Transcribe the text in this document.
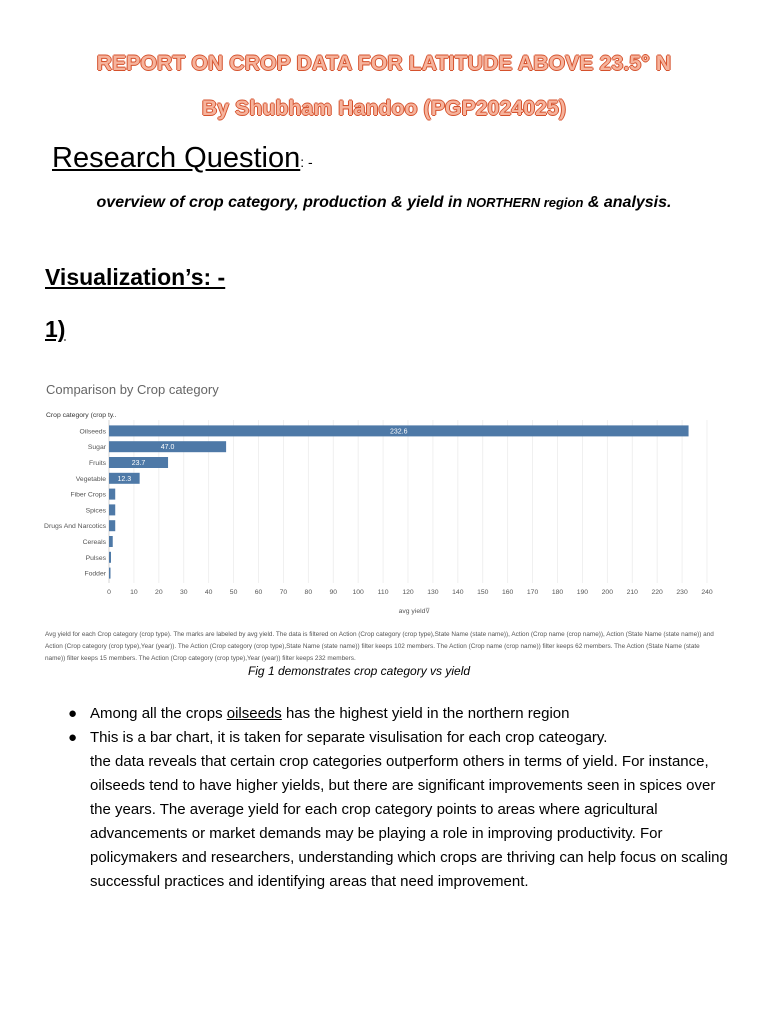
REPORT ON CROP DATA FOR LATITUDE ABOVE 23.5° N
By Shubham Handoo (PGP2024025)
Research Question: -
overview of crop category, production & yield in NORTHERN region & analysis.
Visualization’s: -
1)
Comparison by Crop category
Crop category (crop ty..
232.6
47.0
23.7
12.3
Oilseeds
Sugar
Fruits
Vegetable
Fiber Crops
Spices
Drugs And Narcotics
Cereals
Pulses
Fodder
0	10	20	30	40	50	60	70	80	90 100 110 120 130 140 150 160 170 180 190 200 210 220 230 240
avg yield ⊽
Avg yield for each Crop category (crop type). The marks are labeled by avg yield. The data is filtered on Action (Crop category (crop type),State Name (state name)), Action (Crop name (crop name)), Action (State Name (state name)) and Action (Crop category (crop type),Year (year)). The Action (Crop category (crop type),State Name (state name)) filter keeps 102 members. The Action (Crop name (crop name)) filter keeps 62 members. The Action (State Name (state name)) filter keeps 15 members. The Action (Crop category (crop type),Year (year)) filter keeps 232 members.
Fig 1 demonstrates crop category vs yield
● Among all the crops oilseeds has the highest yield in the northern region
● This is a bar chart, it is taken for separate visulisation for each crop cateogary.
the data reveals that certain crop categories outperform others in terms of yield. For instance, oilseeds tend to have higher yields, but there are significant improvements seen in spices over the years. The average yield for each crop category points to areas where agricultural advancements or market demands may be playing a role in improving productivity. For policymakers and researchers, understanding which crops are thriving can help focus on scaling successful practices and identifying areas that need improvement.
